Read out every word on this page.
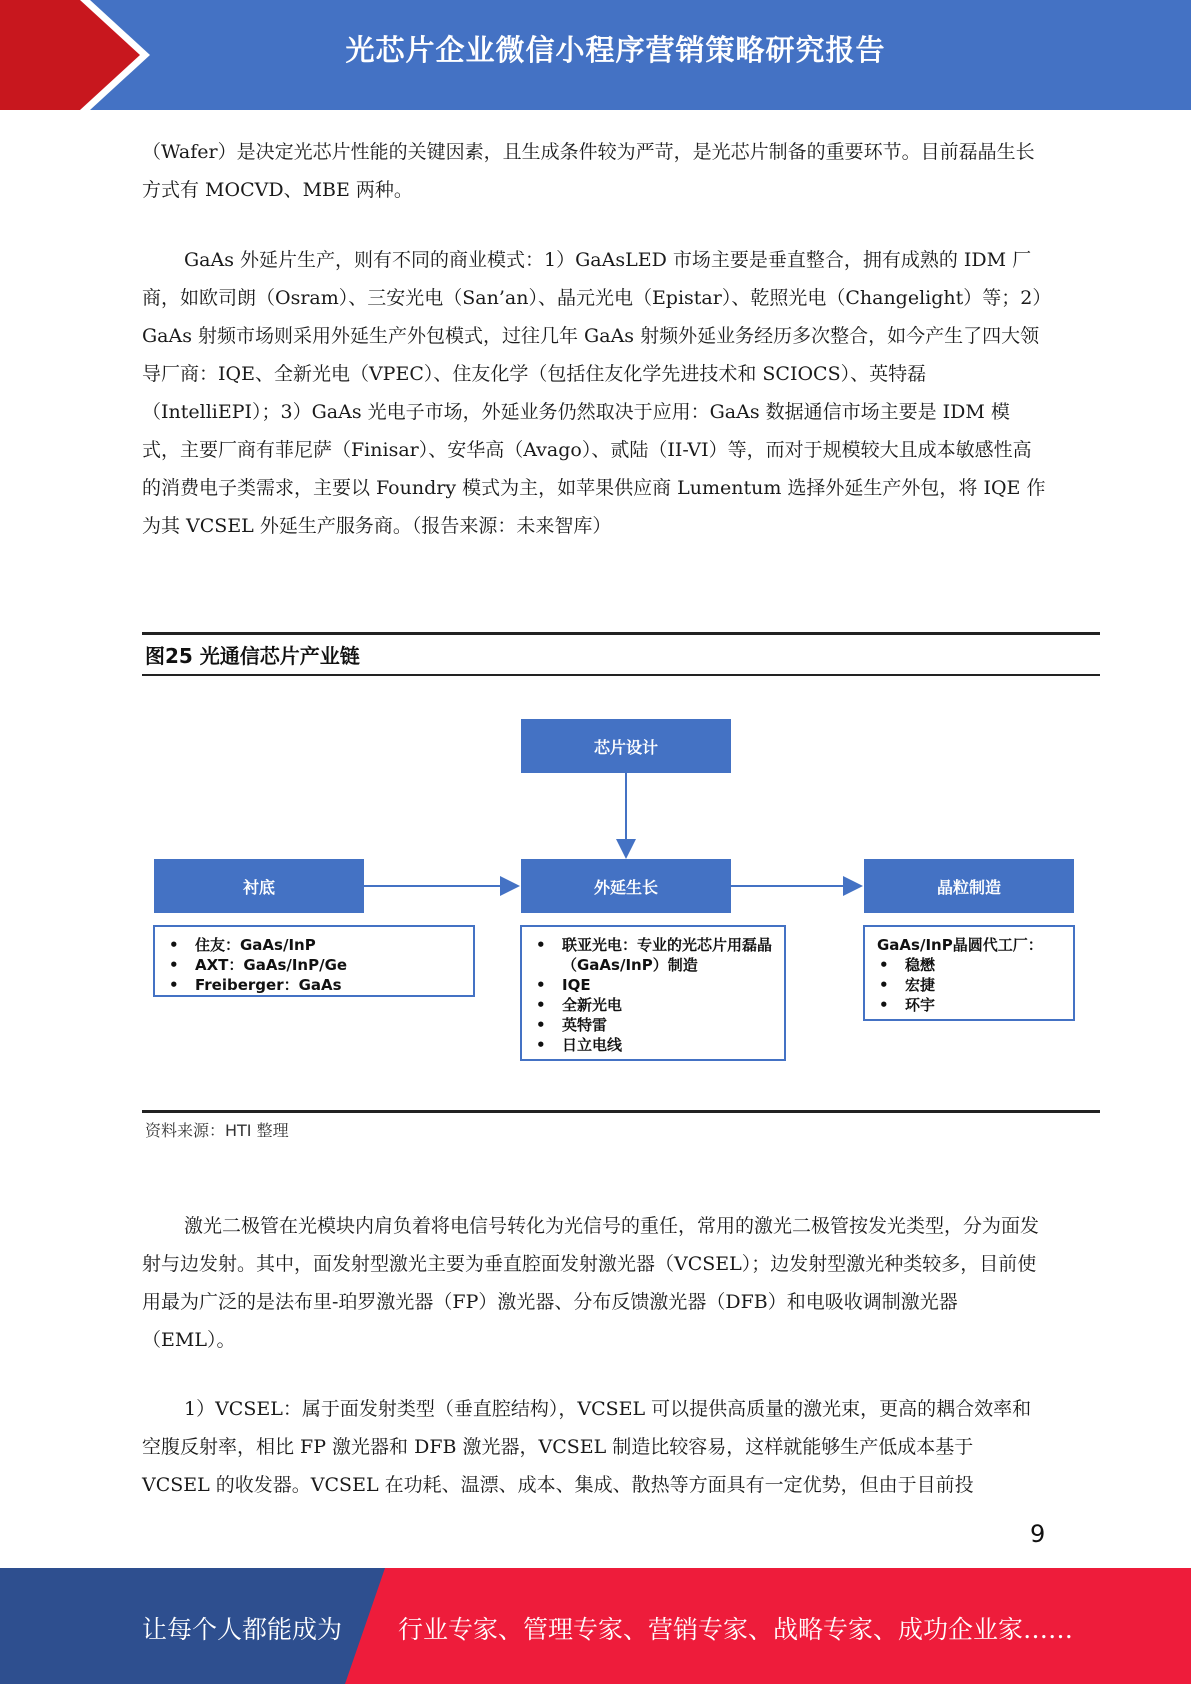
光芯片企业微信小程序营销策略研究报告

（Wafer）是决定光芯片性能的关键因素，且生成条件较为严苛，是光芯片制备的重要环节。目前磊晶生长方式有 MOCVD、MBE 两种。

GaAs 外延片生产，则有不同的商业模式：1）GaAsLED 市场主要是垂直整合，拥有成熟的 IDM 厂商，如欧司朗（Osram）、三安光电（San’an）、晶元光电（Epistar）、乾照光电（Changelight）等；2）GaAs 射频市场则采用外延生产外包模式，过往几年 GaAs 射频外延业务经历多次整合，如今产生了四大领导厂商：IQE、全新光电（VPEC）、住友化学（包括住友化学先进技术和 SCIOCS）、英特磊（IntelliEPI）；3）GaAs 光电子市场，外延业务仍然取决于应用：GaAs 数据通信市场主要是 IDM 模式，主要厂商有菲尼萨（Finisar）、安华高（Avago）、贰陆（II-VI）等，而对于规模较大且成本敏感性高的消费电子类需求，主要以 Foundry 模式为主，如苹果供应商 Lumentum 选择外延生产外包，将 IQE 作为其 VCSEL 外延生产服务商。（报告来源：未来智库）

图25 光通信芯片产业链
芯片设计
衬底	外延生长	晶粒制造
• 住友：GaAs/InP
• AXT：GaAs/InP/Ge
• Freiberger：GaAs
• 联亚光电：专业的光芯片用磊晶（GaAs/InP）制造
• IQE
• 全新光电
• 英特雷
• 日立电线
GaAs/InP晶圆代工厂：
• 稳懋
• 宏捷
• 环宇
资料来源：HTI 整理

激光二极管在光模块内肩负着将电信号转化为光信号的重任，常用的激光二极管按发光类型，分为面发射与边发射。其中，面发射型激光主要为垂直腔面发射激光器（VCSEL）；边发射型激光种类较多，目前使用最为广泛的是法布里-珀罗激光器（FP）激光器、分布反馈激光器（DFB）和电吸收调制激光器（EML）。

1）VCSEL：属于面发射类型（垂直腔结构），VCSEL 可以提供高质量的激光束，更高的耦合效率和空腹反射率，相比 FP 激光器和 DFB 激光器，VCSEL 制造比较容易，这样就能够生产低成本基于 VCSEL 的收发器。VCSEL 在功耗、温漂、成本、集成、散热等方面具有一定优势，但由于目前投

9
让每个人都能成为 行业专家、管理专家、营销专家、战略专家、成功企业家……
